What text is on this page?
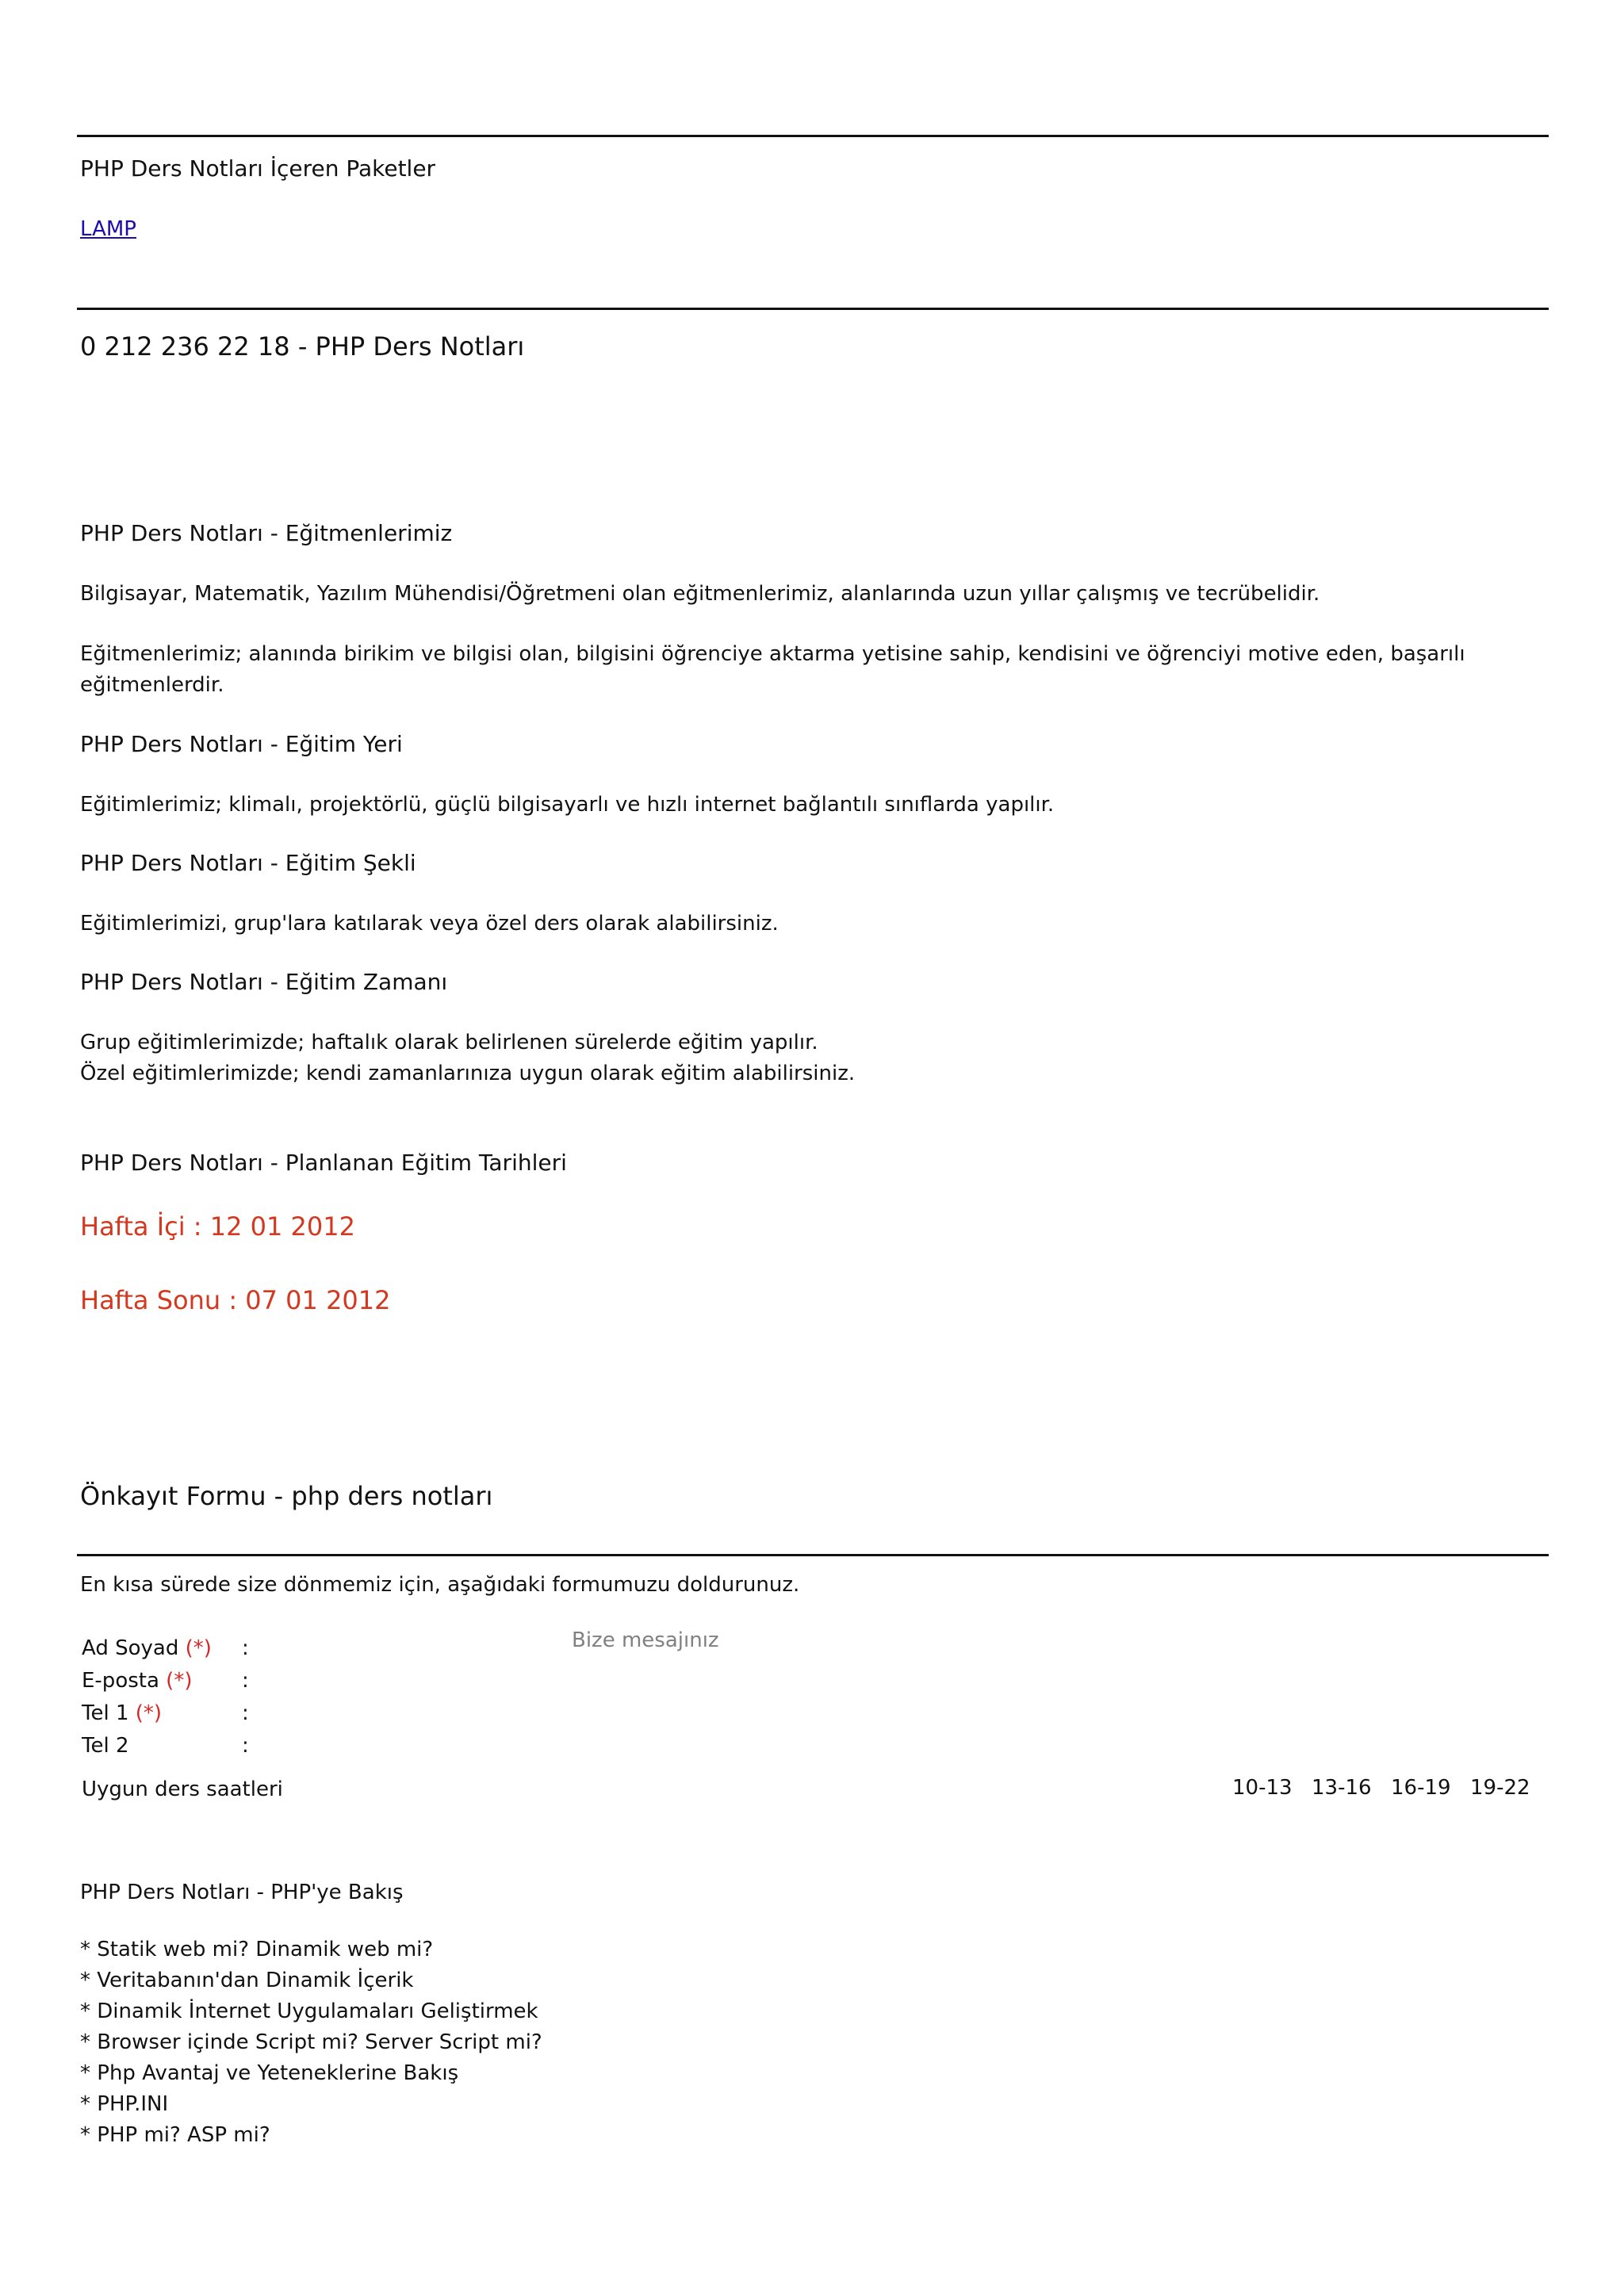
PHP Ders Notları İçeren Paketler
LAMP
0 212 236 22 18 - PHP Ders Notları
PHP Ders Notları - Eğitmenlerimiz
Bilgisayar, Matematik, Yazılım Mühendisi/Öğretmeni olan eğitmenlerimiz, alanlarında uzun yıllar çalışmış ve tecrübelidir.
Eğitmenlerimiz; alanında birikim ve bilgisi olan, bilgisini öğrenciye aktarma yetisine sahip, kendisini ve öğrenciyi motive eden, başarılı
eğitmenlerdir.
PHP Ders Notları - Eğitim Yeri
Eğitimlerimiz; klimalı, projektörlü, güçlü bilgisayarlı ve hızlı internet bağlantılı sınıflarda yapılır.
PHP Ders Notları - Eğitim Şekli
Eğitimlerimizi, grup'lara katılarak veya özel ders olarak alabilirsiniz.
PHP Ders Notları - Eğitim Zamanı
Grup eğitimlerimizde; haftalık olarak belirlenen sürelerde eğitim yapılır.
Özel eğitimlerimizde; kendi zamanlarınıza uygun olarak eğitim alabilirsiniz.
PHP Ders Notları - Planlanan Eğitim Tarihleri
Hafta İçi : 12 01 2012
Hafta Sonu : 07 01 2012
Önkayıt Formu - php ders notları
En kısa sürede size dönmemiz için, aşağıdaki formumuzu doldurunuz.
Ad Soyad (*) :
E-posta (*) :
Tel 1 (*)	:
Tel 2	:
Bize mesajınız
Uygun ders saatleri	10-13 13-16 16-19 19-22
PHP Ders Notları - PHP'ye Bakış
* Statik web mi? Dinamik web mi?
* Veritabanın'dan Dinamik İçerik
* Dinamik İnternet Uygulamaları Geliştirmek
* Browser içinde Script mi? Server Script mi?
* Php Avantaj ve Yeteneklerine Bakış
* PHP.INI
* PHP mi? ASP mi?
